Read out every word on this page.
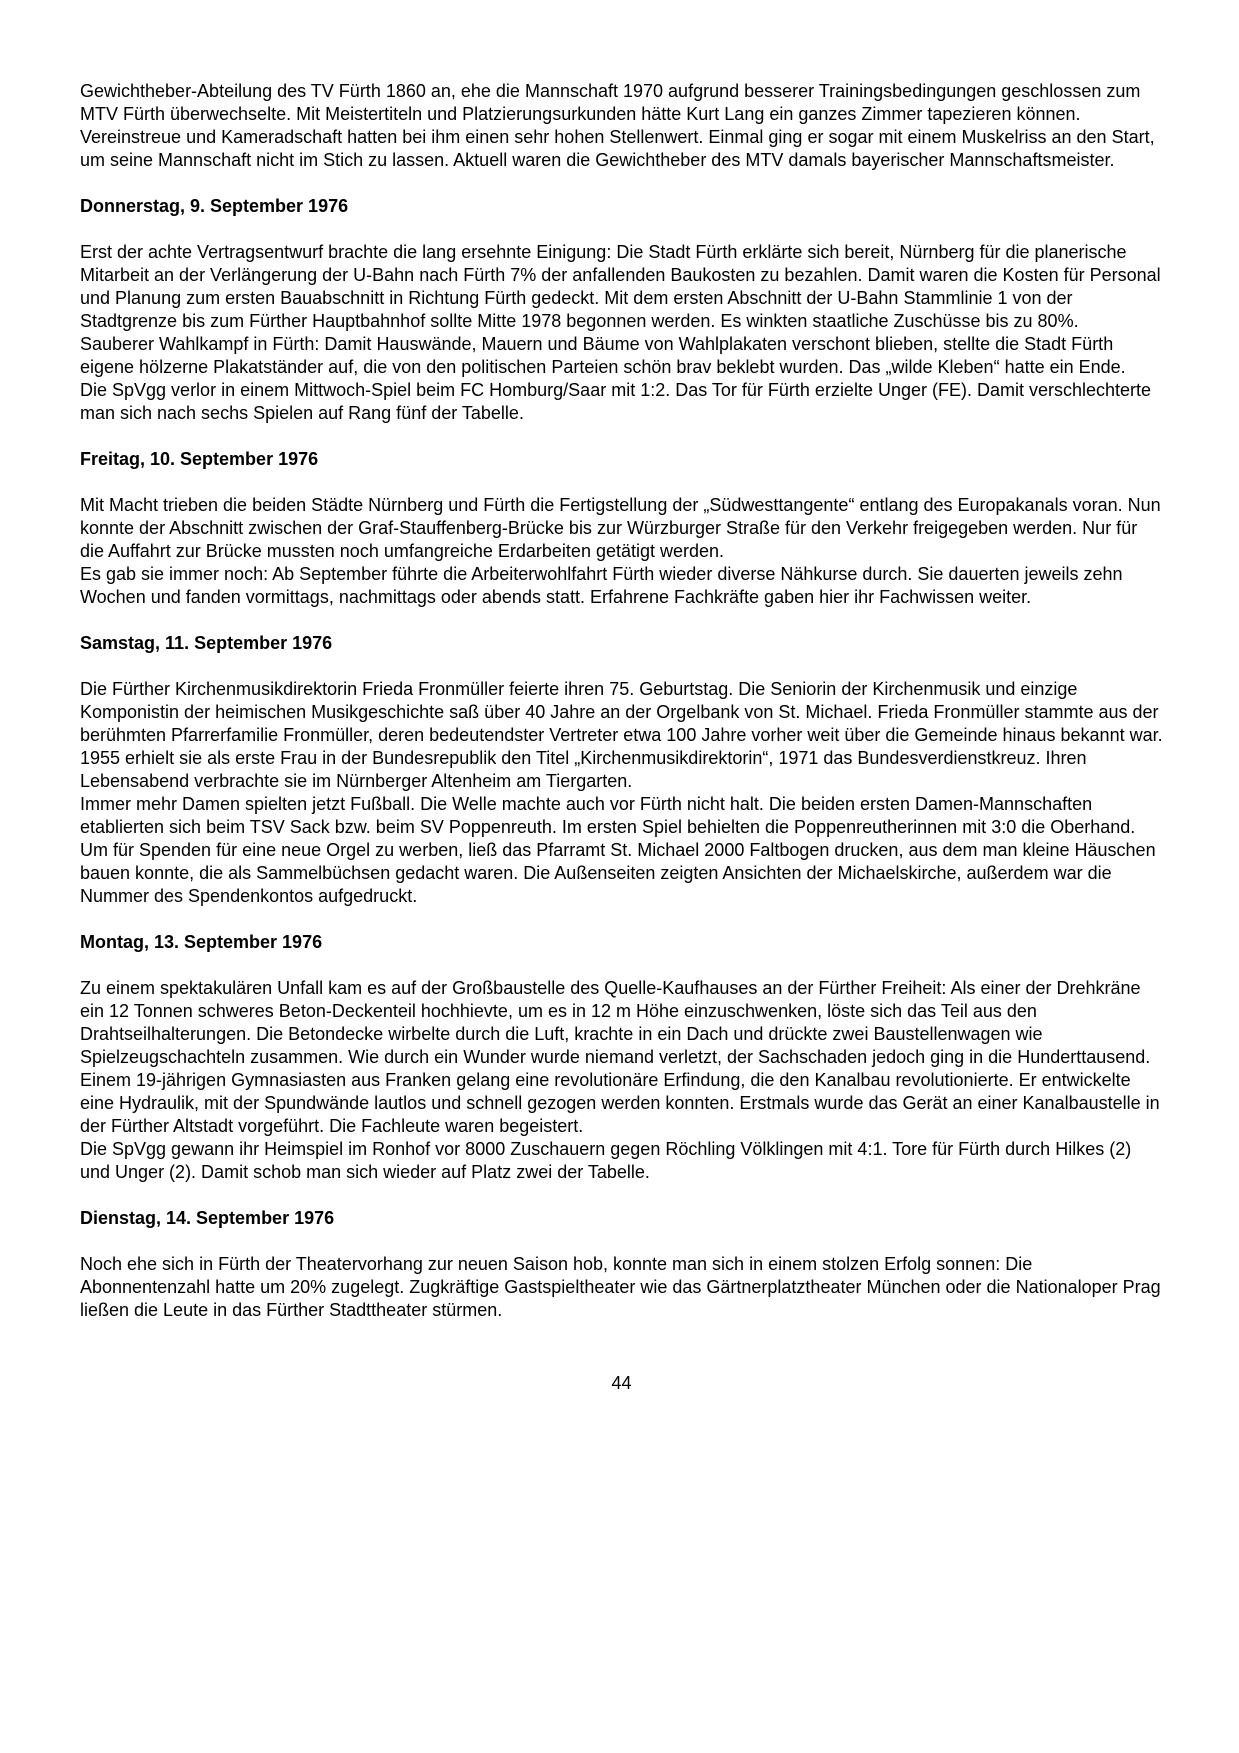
Gewichtheber-Abteilung des TV Fürth 1860 an, ehe die Mannschaft 1970 aufgrund besserer Trainingsbedingungen geschlossen zum MTV Fürth überwechselte. Mit Meistertiteln und Platzierungsurkunden hätte Kurt Lang ein ganzes Zimmer tapezieren können. Vereinstreue und Kameradschaft hatten bei ihm einen sehr hohen Stellenwert. Einmal ging er sogar mit einem Muskelriss an den Start, um seine Mannschaft nicht im Stich zu lassen. Aktuell waren die Gewichtheber des MTV damals bayerischer Mannschaftsmeister.
Donnerstag, 9. September 1976
Erst der achte Vertragsentwurf brachte die lang ersehnte Einigung: Die Stadt Fürth erklärte sich bereit, Nürnberg für die planerische Mitarbeit an der Verlängerung der U-Bahn nach Fürth 7% der anfallenden Baukosten zu bezahlen. Damit waren die Kosten für Personal und Planung zum ersten Bauabschnitt in Richtung Fürth gedeckt. Mit dem ersten Abschnitt der U-Bahn Stammlinie 1 von der Stadtgrenze bis zum Fürther Hauptbahnhof sollte Mitte 1978 begonnen werden. Es winkten staatliche Zuschüsse bis zu 80%.
Sauberer Wahlkampf in Fürth: Damit Hauswände, Mauern und Bäume von Wahlplakaten verschont blieben, stellte die Stadt Fürth eigene hölzerne Plakatständer auf, die von den politischen Parteien schön brav beklebt wurden. Das „wilde Kleben“ hatte ein Ende.
Die SpVgg verlor in einem Mittwoch-Spiel beim FC Homburg/Saar mit 1:2. Das Tor für Fürth erzielte Unger (FE). Damit verschlechterte man sich nach sechs Spielen auf Rang fünf der Tabelle.
Freitag, 10. September 1976
Mit Macht trieben die beiden Städte Nürnberg und Fürth die Fertigstellung der „Südwesttangente“ entlang des Europakanals voran. Nun konnte der Abschnitt zwischen der Graf-Stauffenberg-Brücke bis zur Würzburger Straße für den Verkehr freigegeben werden. Nur für die Auffahrt zur Brücke mussten noch umfangreiche Erdarbeiten getätigt werden.
Es gab sie immer noch: Ab September führte die Arbeiterwohlfahrt Fürth wieder diverse Nähkurse durch. Sie dauerten jeweils zehn Wochen und fanden vormittags, nachmittags oder abends statt. Erfahrene Fachkräfte gaben hier ihr Fachwissen weiter.
Samstag, 11. September 1976
Die Fürther Kirchenmusikdirektorin Frieda Fronmüller feierte ihren 75. Geburtstag. Die Seniorin der Kirchenmusik und einzige Komponistin der heimischen Musikgeschichte saß über 40 Jahre an der Orgelbank von St. Michael. Frieda Fronmüller stammte aus der berühmten Pfarrerfamilie Fronmüller, deren bedeutendster Vertreter etwa 100 Jahre vorher weit über die Gemeinde hinaus bekannt war. 1955 erhielt sie als erste Frau in der Bundesrepublik den Titel „Kirchenmusikdirektorin“, 1971 das Bundesverdienstkreuz. Ihren Lebensabend verbrachte sie im Nürnberger Altenheim am Tiergarten.
Immer mehr Damen spielten jetzt Fußball. Die Welle machte auch vor Fürth nicht halt. Die beiden ersten Damen-Mannschaften etablierten sich beim TSV Sack bzw. beim SV Poppenreuth. Im ersten Spiel behielten die Poppenreutherinnen mit 3:0 die Oberhand.
Um für Spenden für eine neue Orgel zu werben, ließ das Pfarramt St. Michael 2000 Faltbogen drucken, aus dem man kleine Häuschen bauen konnte, die als Sammelbüchsen gedacht waren. Die Außenseiten zeigten Ansichten der Michaelskirche, außerdem war die Nummer des Spendenkontos aufgedruckt.
Montag, 13. September 1976
Zu einem spektakulären Unfall kam es auf der Großbaustelle des Quelle-Kaufhauses an der Fürther Freiheit: Als einer der Drehkräne ein 12 Tonnen schweres Beton-Deckenteil hochhievte, um es in 12 m Höhe einzuschwenken, löste sich das Teil aus den Drahtseilhalterungen. Die Betondecke wirbelte durch die Luft, krachte in ein Dach und drückte zwei Baustellenwagen wie Spielzeugschachteln zusammen. Wie durch ein Wunder wurde niemand verletzt, der Sachschaden jedoch ging in die Hunderttausend.
Einem 19-jährigen Gymnasiasten aus Franken gelang eine revolutionäre Erfindung, die den Kanalbau revolutionierte. Er entwickelte eine Hydraulik, mit der Spundwände lautlos und schnell gezogen werden konnten. Erstmals wurde das Gerät an einer Kanalbaustelle in der Fürther Altstadt vorgeführt. Die Fachleute waren begeistert.
Die SpVgg gewann ihr Heimspiel im Ronhof vor 8000 Zuschauern gegen Röchling Völklingen mit 4:1. Tore für Fürth durch Hilkes (2) und Unger (2). Damit schob man sich wieder auf Platz zwei der Tabelle.
Dienstag, 14. September 1976
Noch ehe sich in Fürth der Theatervorhang zur neuen Saison hob, konnte man sich in einem stolzen Erfolg sonnen: Die Abonnentenzahl hatte um 20% zugelegt. Zugkräftige Gastspieltheater wie das Gärtnerplatztheater München oder die Nationaloper Prag ließen die Leute in das Fürther Stadttheater stürmen.
44
